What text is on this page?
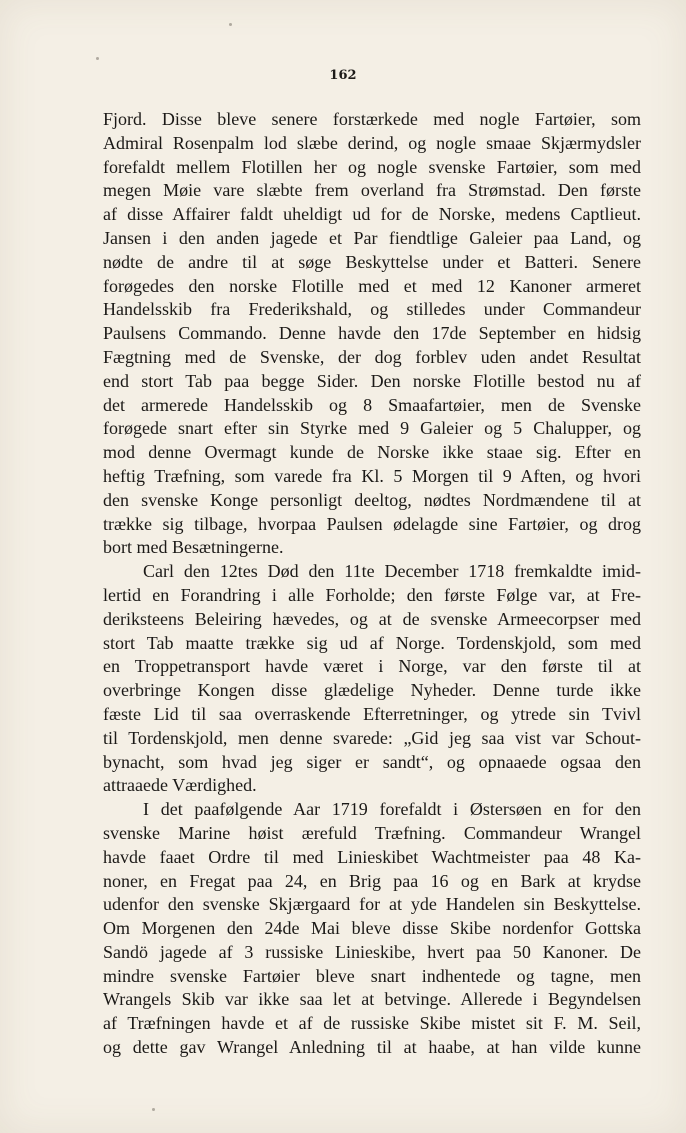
162
Fjord. Disse bleve senere forstærkede med nogle Fartøier, som
Admiral Rosenpalm lod slæbe derind, og nogle smaae Skjærmydsler
forefaldt mellem Flotillen her og nogle svenske Fartøier, som med
megen Møie vare slæbte frem overland fra Strømstad. Den første
af disse Affairer faldt uheldigt ud for de Norske, medens Captlieut.
Jansen i den anden jagede et Par fiendtlige Galeier paa Land, og
nødte de andre til at søge Beskyttelse under et Batteri. Senere
forøgedes den norske Flotille med et med 12 Kanoner armeret
Handelsskib fra Frederikshald, og stilledes under Commandeur
Paulsens Commando. Denne havde den 17de September en hidsig
Fægtning med de Svenske, der dog forblev uden andet Resultat
end stort Tab paa begge Sider. Den norske Flotille bestod nu af
det armerede Handelsskib og 8 Smaafartøier, men de Svenske
forøgede snart efter sin Styrke med 9 Galeier og 5 Chalupper, og
mod denne Overmagt kunde de Norske ikke staae sig. Efter en
heftig Træfning, som varede fra Kl. 5 Morgen til 9 Aften, og hvori
den svenske Konge personligt deeltog, nødtes Nordmændene til at
trække sig tilbage, hvorpaa Paulsen ødelagde sine Fartøier, og drog
bort med Besætningerne.
Carl den 12tes Død den 11te December 1718 fremkaldte imid-
lertid en Forandring i alle Forholde; den første Følge var, at Fre-
deriksteens Beleiring hævedes, og at de svenske Armeecorpser med
stort Tab maatte trække sig ud af Norge. Tordenskjold, som med
en Troppetransport havde været i Norge, var den første til at
overbringe Kongen disse glædelige Nyheder. Denne turde ikke
fæste Lid til saa overraskende Efterretninger, og ytrede sin Tvivl
til Tordenskjold, men denne svarede: „Gid jeg saa vist var Schout-
bynacht, som hvad jeg siger er sandt“, og opnaaede ogsaa den
attraaede Værdighed.
I det paafølgende Aar 1719 forefaldt i Østersøen en for den
svenske Marine høist ærefuld Træfning. Commandeur Wrangel
havde faaet Ordre til med Linieskibet Wachtmeister paa 48 Ka-
noner, en Fregat paa 24, en Brig paa 16 og en Bark at krydse
udenfor den svenske Skjærgaard for at yde Handelen sin Beskyttelse.
Om Morgenen den 24de Mai bleve disse Skibe nordenfor Gottska
Sandö jagede af 3 russiske Linieskibe, hvert paa 50 Kanoner. De
mindre svenske Fartøier bleve snart indhentede og tagne, men
Wrangels Skib var ikke saa let at betvinge. Allerede i Begyndelsen
af Træfningen havde et af de russiske Skibe mistet sit F. M. Seil,
og dette gav Wrangel Anledning til at haabe, at han vilde kunne
